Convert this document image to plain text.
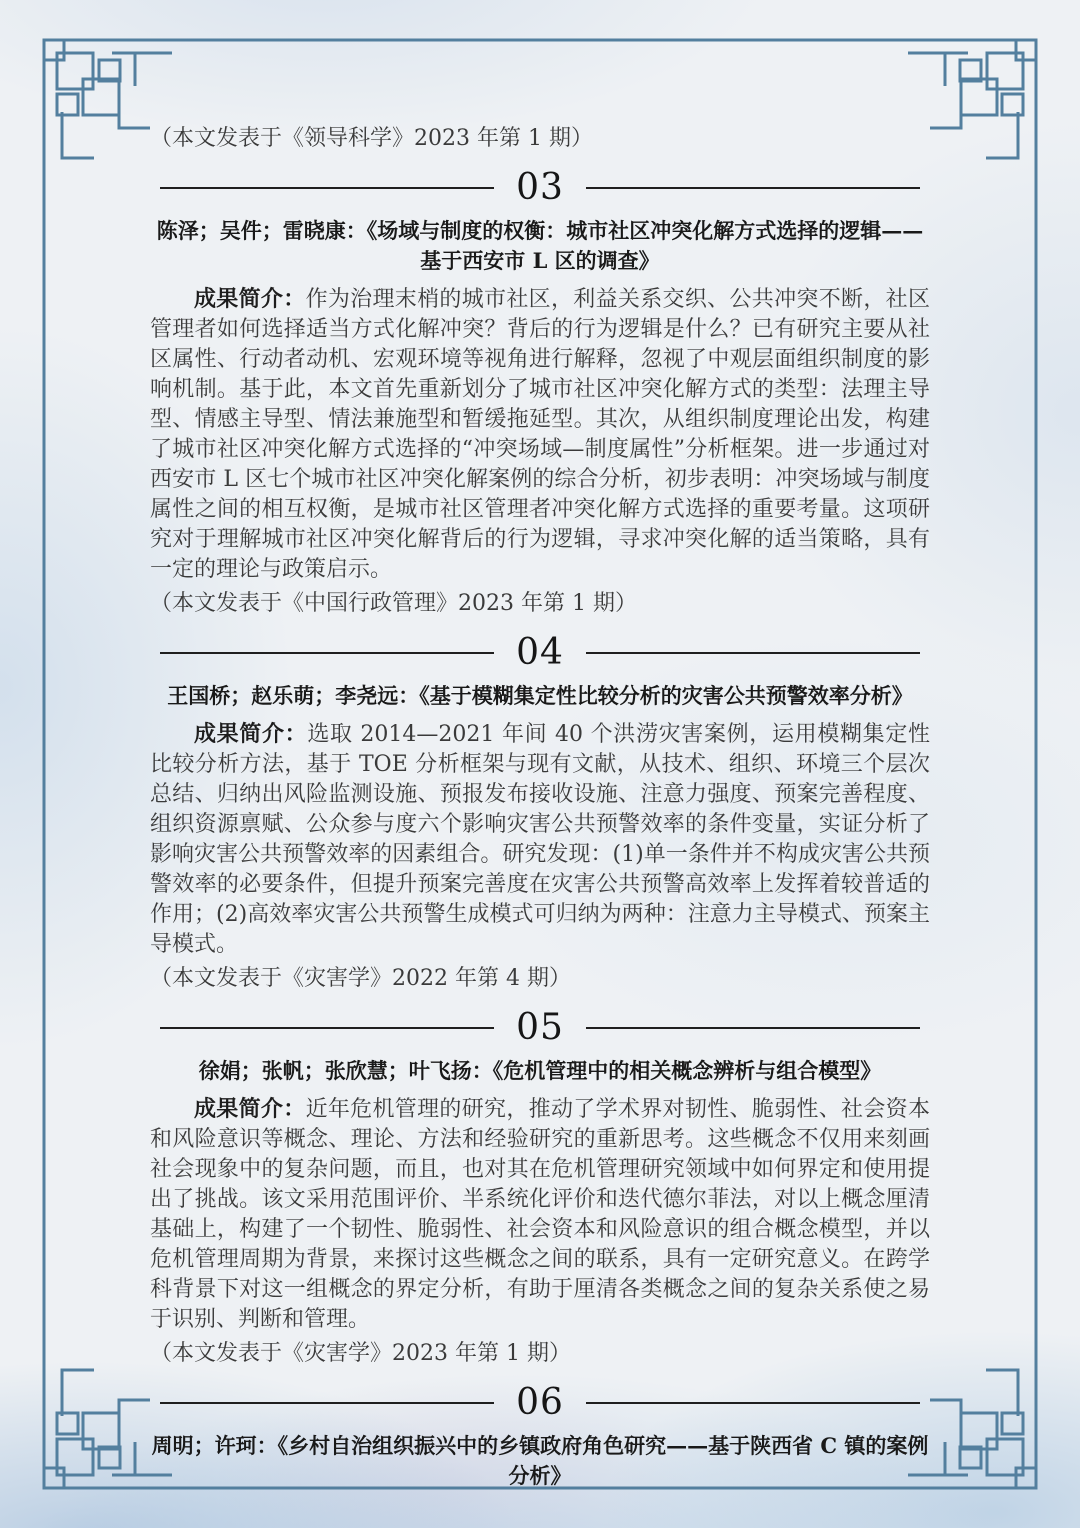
（本文发表于《领导科学》2023 年第 1 期）

03
陈泽；吴件；雷晓康：《场域与制度的权衡：城市社区冲突化解方式选择的逻辑——基于西安市 L 区的调查》

成果简介：作为治理末梢的城市社区，利益关系交织、公共冲突不断，社区管理者如何选择适当方式化解冲突？背后的行为逻辑是什么？已有研究主要从社区属性、行动者动机、宏观环境等视角进行解释，忽视了中观层面组织制度的影响机制。基于此，本文首先重新划分了城市社区冲突化解方式的类型：法理主导型、情感主导型、情法兼施型和暂缓拖延型。其次，从组织制度理论出发，构建了城市社区冲突化解方式选择的“冲突场域—制度属性”分析框架。进一步通过对西安市 L 区七个城市社区冲突化解案例的综合分析，初步表明：冲突场域与制度属性之间的相互权衡，是城市社区管理者冲突化解方式选择的重要考量。这项研究对于理解城市社区冲突化解背后的行为逻辑，寻求冲突化解的适当策略，具有一定的理论与政策启示。

（本文发表于《中国行政管理》2023 年第 1 期）

04
王国桥；赵乐萌；李尧远：《基于模糊集定性比较分析的灾害公共预警效率分析》

成果简介：选取 2014—2021 年间 40 个洪涝灾害案例，运用模糊集定性比较分析方法，基于 TOE 分析框架与现有文献，从技术、组织、环境三个层次总结、归纳出风险监测设施、预报发布接收设施、注意力强度、预案完善程度、组织资源禀赋、公众参与度六个影响灾害公共预警效率的条件变量，实证分析了影响灾害公共预警效率的因素组合。研究发现：(1)单一条件并不构成灾害公共预警效率的必要条件，但提升预案完善度在灾害公共预警高效率上发挥着较普适的作用；(2)高效率灾害公共预警生成模式可归纳为两种：注意力主导模式、预案主导模式。

（本文发表于《灾害学》2022 年第 4 期）

05
徐娟；张帆；张欣慧；叶飞扬：《危机管理中的相关概念辨析与组合模型》

成果简介：近年危机管理的研究，推动了学术界对韧性、脆弱性、社会资本和风险意识等概念、理论、方法和经验研究的重新思考。这些概念不仅用来刻画社会现象中的复杂问题，而且，也对其在危机管理研究领域中如何界定和使用提出了挑战。该文采用范围评价、半系统化评价和迭代德尔菲法，对以上概念厘清基础上，构建了一个韧性、脆弱性、社会资本和风险意识的组合概念模型，并以危机管理周期为背景，来探讨这些概念之间的联系，具有一定研究意义。在跨学科背景下对这一组概念的界定分析，有助于厘清各类概念之间的复杂关系使之易于识别、判断和管理。

（本文发表于《灾害学》2023 年第 1 期）

06
周明；许珂：《乡村自治组织振兴中的乡镇政府角色研究——基于陕西省 C 镇的案例分析》
